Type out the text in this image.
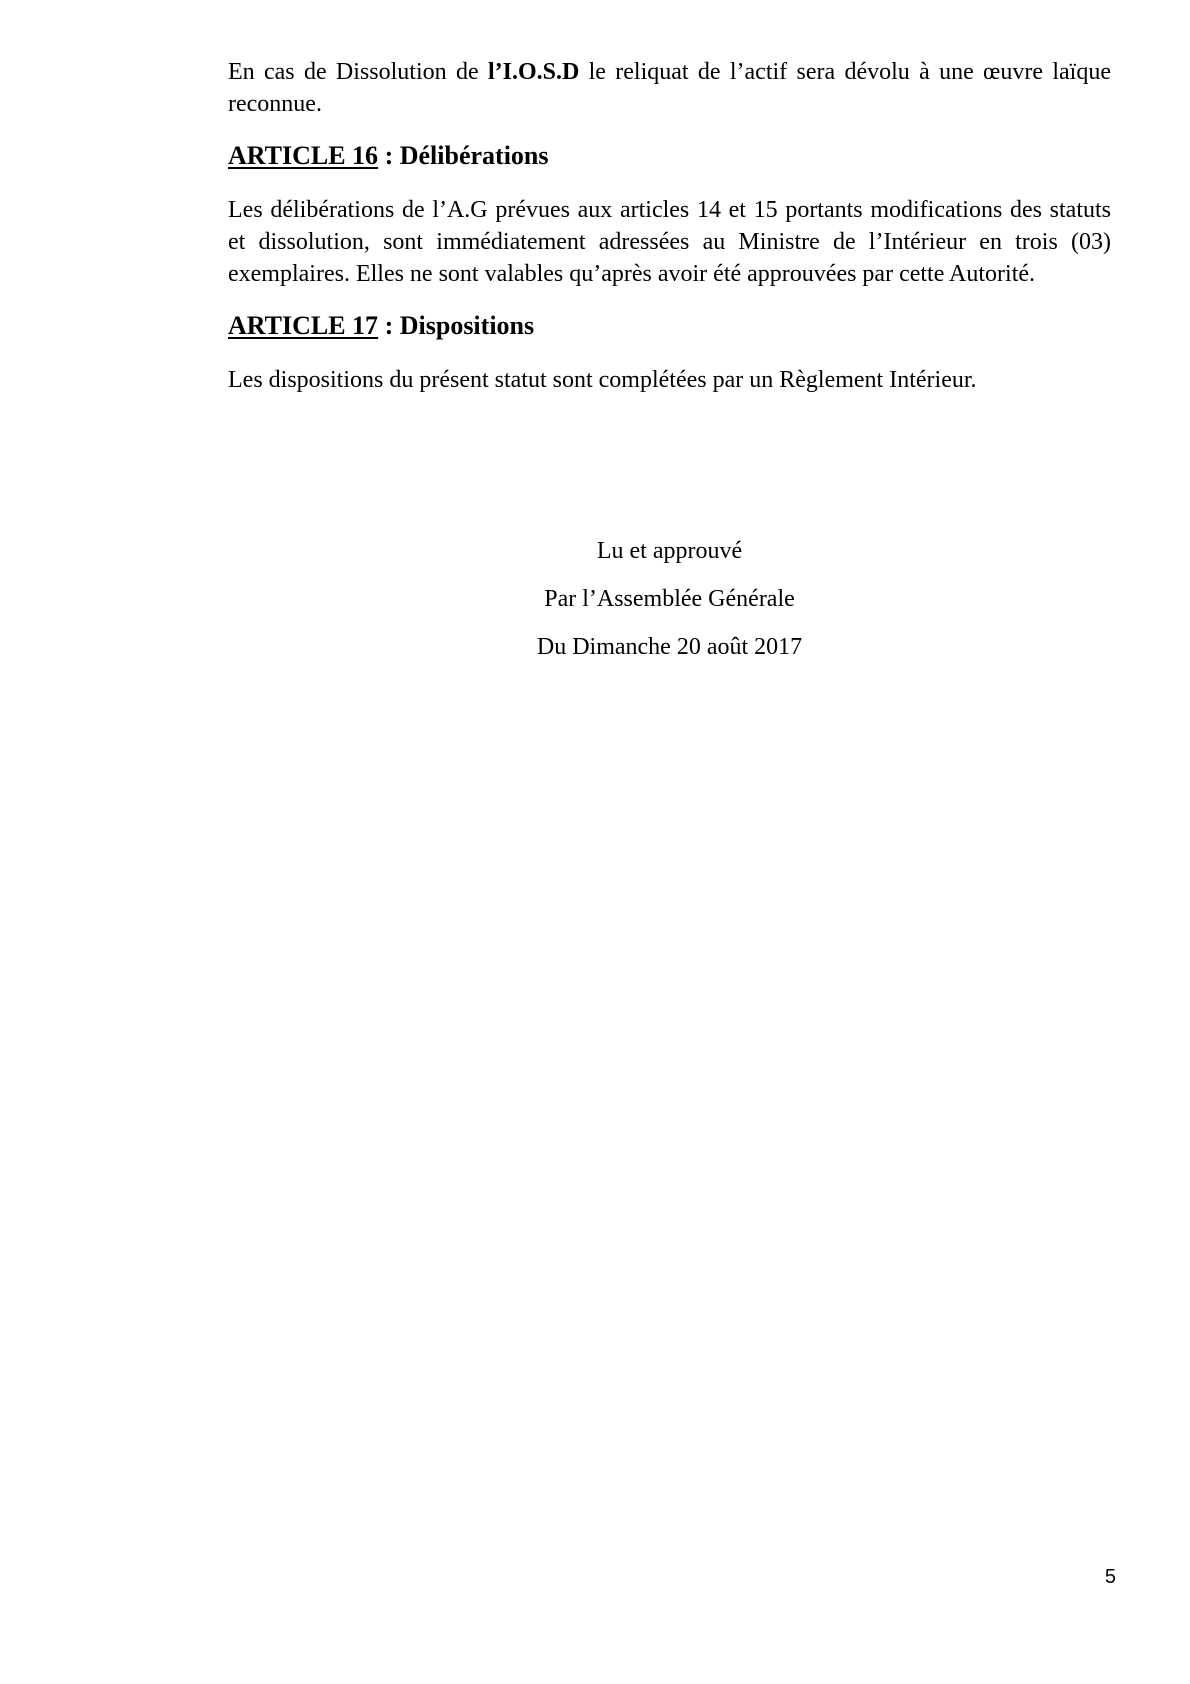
En cas de Dissolution de l’I.O.S.D le reliquat de l’actif sera dévolu à une œuvre laïque reconnue.

ARTICLE 16 : Délibérations

Les délibérations de l’A.G prévues aux articles 14 et 15 portants modifications des statuts et dissolution, sont immédiatement adressées au Ministre de l’Intérieur en trois (03) exemplaires. Elles ne sont valables qu’après avoir été approuvées par cette Autorité.

ARTICLE 17 : Dispositions

Les dispositions du présent statut sont complétées par un Règlement Intérieur.

Lu et approuvé
Par l’Assemblée Générale
Du Dimanche 20 août 2017
5
